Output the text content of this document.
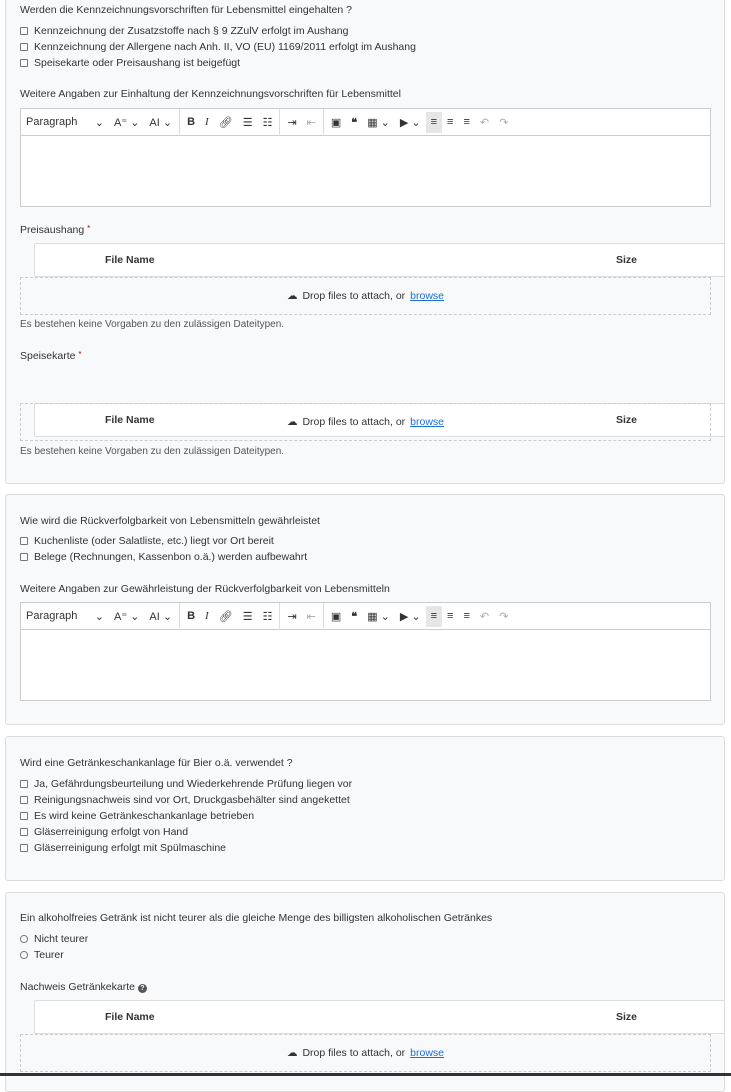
Werden die Kennzeichnungsvorschriften für Lebensmittel eingehalten ?
Kennzeichnung der Zusatzstoffe nach § 9 ZZulV erfolgt im Aushang
Kennzeichnung der Allergene nach Anh. II, VO (EU) 1169/2011 erfolgt im Aushang
Speisekarte oder Preisaushang ist beigefügt
Weitere Angaben zur Einhaltung der Kennzeichnungsvorschriften für Lebensmittel
Paragraph ⌄ A⁼ ⌄ AI ⌄	B I 🔗︎ ☰ ☷	⇥ ⇤	▣ ❝ ▦ ⌄ ▶ ⌄ ≡ ≡ ≡ ↶ ↷
Preisaushang *
File Name	Size
☁ Drop files to attach, or browse
Es bestehen keine Vorgaben zu den zulässigen Dateitypen.
Speisekarte *
File Name	Size
☁ Drop files to attach, or browse
Es bestehen keine Vorgaben zu den zulässigen Dateitypen.
Wie wird die Rückverfolgbarkeit von Lebensmitteln gewährleistet
Kuchenliste (oder Salatliste, etc.) liegt vor Ort bereit
Belege (Rechnungen, Kassenbon o.ä.) werden aufbewahrt
Weitere Angaben zur Gewährleistung der Rückverfolgbarkeit von Lebensmitteln
Paragraph ⌄ A⁼ ⌄ AI ⌄	B I 🔗︎ ☰ ☷	⇥ ⇤	▣ ❝ ▦ ⌄ ▶ ⌄ ≡ ≡ ≡ ↶ ↷
Wird eine Getränkeschankanlage für Bier o.ä. verwendet ?
Ja, Gefährdungsbeurteilung und Wiederkehrende Prüfung liegen vor
Reinigungsnachweis sind vor Ort, Druckgasbehälter sind angekettet
Es wird keine Getränkeschankanlage betrieben
Gläserreinigung erfolgt von Hand
Gläserreinigung erfolgt mit Spülmaschine
Ein alkoholfreies Getränk ist nicht teurer als die gleiche Menge des billigsten alkoholischen Getränkes
Nicht teurer
Teurer
Nachweis Getränkekarte ?
File Name	Size
☁ Drop files to attach, or browse
